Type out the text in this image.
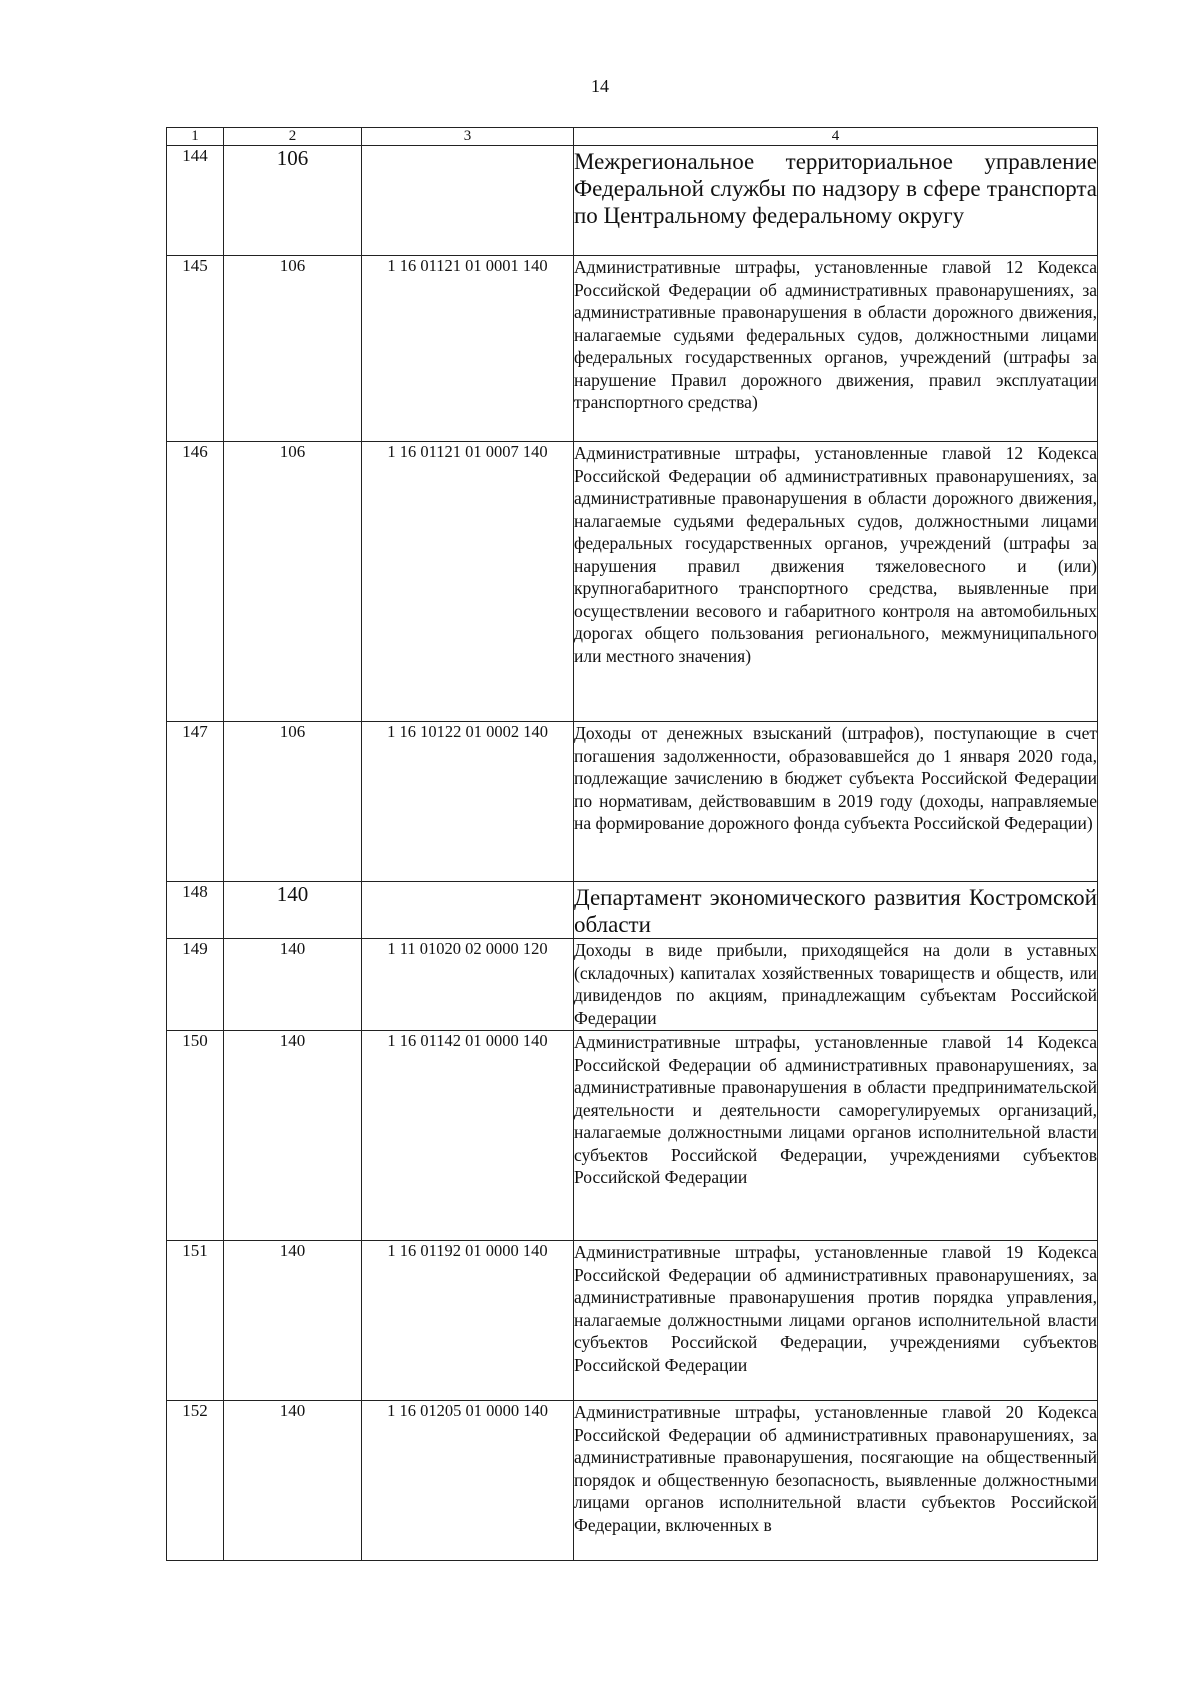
14
1	2	3	4
144	106		Межрегиональное территориальное управление Федеральной службы по надзору в сфере транспорта по Центральному федеральному округу
145	106	1 16 01121 01 0001 140	Административные штрафы, установленные главой 12 Кодекса Российской Федерации об административных правонарушениях, за административные правонарушения в области дорожного движения, налагаемые судьями федеральных судов, должностными лицами федеральных государственных органов, учреждений (штрафы за нарушение Правил дорожного движения, правил эксплуатации транспортного средства)
146	106	1 16 01121 01 0007 140	Административные штрафы, установленные главой 12 Кодекса Российской Федерации об административных правонарушениях, за административные правонарушения в области дорожного движения, налагаемые судьями федеральных судов, должностными лицами федеральных государственных органов, учреждений (штрафы за нарушения правил движения тяжеловесного и (или) крупногабаритного транспортного средства, выявленные при осуществлении весового и габаритного контроля на автомобильных дорогах общего пользования регионального, межмуниципального или местного значения)
147	106	1 16 10122 01 0002 140	Доходы от денежных взысканий (штрафов), поступающие в счет погашения задолженности, образовавшейся до 1 января 2020 года, подлежащие зачислению в бюджет субъекта Российской Федерации по нормативам, действовавшим в 2019 году (доходы, направляемые на формирование дорожного фонда субъекта Российской Федерации)
148	140		Департамент экономического развития Костромской области
149	140	1 11 01020 02 0000 120	Доходы в виде прибыли, приходящейся на доли в уставных (складочных) капиталах хозяйственных товариществ и обществ, или дивидендов по акциям, принадлежащим субъектам Российской Федерации
150	140	1 16 01142 01 0000 140	Административные штрафы, установленные главой 14 Кодекса Российской Федерации об административных правонарушениях, за административные правонарушения в области предпринимательской деятельности и деятельности саморегулируемых организаций, налагаемые должностными лицами органов исполнительной власти субъектов Российской Федерации, учреждениями субъектов Российской Федерации
151	140	1 16 01192 01 0000 140	Административные штрафы, установленные главой 19 Кодекса Российской Федерации об административных правонарушениях, за административные правонарушения против порядка управления, налагаемые должностными лицами органов исполнительной власти субъектов Российской Федерации, учреждениями субъектов Российской Федерации
152	140	1 16 01205 01 0000 140	Административные штрафы, установленные главой 20 Кодекса Российской Федерации об административных правонарушениях, за административные правонарушения, посягающие на общественный порядок и общественную безопасность, выявленные должностными лицами органов исполнительной власти субъектов Российской Федерации, включенных в
